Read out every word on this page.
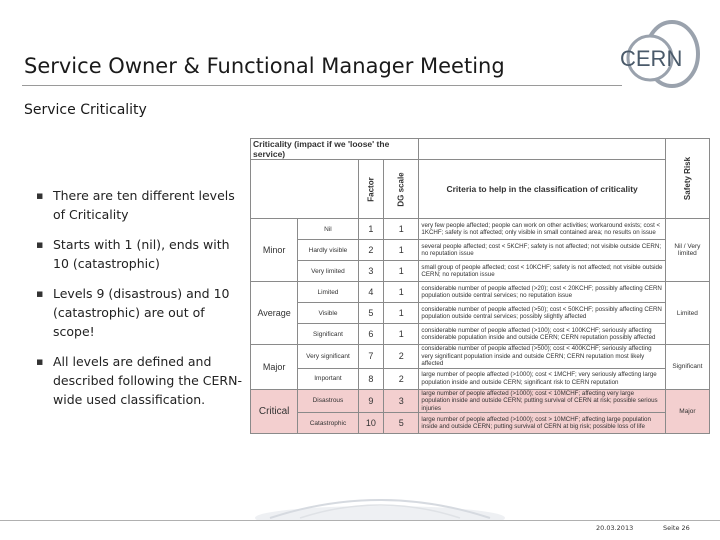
Service Owner & Functional Manager Meeting	CERN
Service Criticality
▪ There are ten different levels of Criticality
▪ Starts with 1 (nil), ends with 10 (catastrophic)
▪ Levels 9 (disastrous) and 10 (catastrophic) are out of scope!
▪ All levels are defined and described following the CERN-wide used classification.
Criticality (impact if we 'loose' the service)					Safety Risk
		Factor	DG scale	Criteria to help in the classification of criticality	
Minor	Nil	1	1	very few people affected; people can work on other activities; workaround exists; cost < 1KCHF; safety is not affected; only visible in small contained area; no results on issue	Nil / Very limited
	Hardly visible	2	1	several people affected; cost < 5KCHF; safety is not affected; not visible outside CERN; no reputation issue	
	Very limited	3	1	small group of people affected; cost < 10KCHF; safety is not affected; not visible outside CERN; no reputation issue	
Average	Limited	4	1	considerable number of people affected (>20); cost < 20KCHF; possibly affecting CERN population outside central services; no reputation issue	Limited
	Visible	5	1	considerable number of people affected (>50); cost < 50KCHF; possibly affecting CERN population outside central services; possibly slightly affected	
	Significant	6	1	considerable number of people affected (>100); cost < 100KCHF; seriously affecting considerable population inside and outside CERN; CERN reputation possibly affected	
Major	Very significant	7	2	considerable number of people affected (>500); cost < 400KCHF; seriously affecting very significant population inside and outside CERN; CERN reputation most likely affected	Significant
	Important	8	2	large number of people affected (>1000); cost < 1MCHF; very seriously affecting large population inside and outside CERN; significant risk to CERN reputation	
Critical	Disastrous	9	3	large number of people affected (>1000); cost < 10MCHF; affecting very large population inside and outside CERN; putting survival of CERN at risk; possible serious injuries	Major
	Catastrophic	10	5	large number of people affected (>1000); cost > 10MCHF; affecting large population inside and outside CERN; putting survival of CERN at big risk; possible loss of life	
20.03.2013	Seite 26
